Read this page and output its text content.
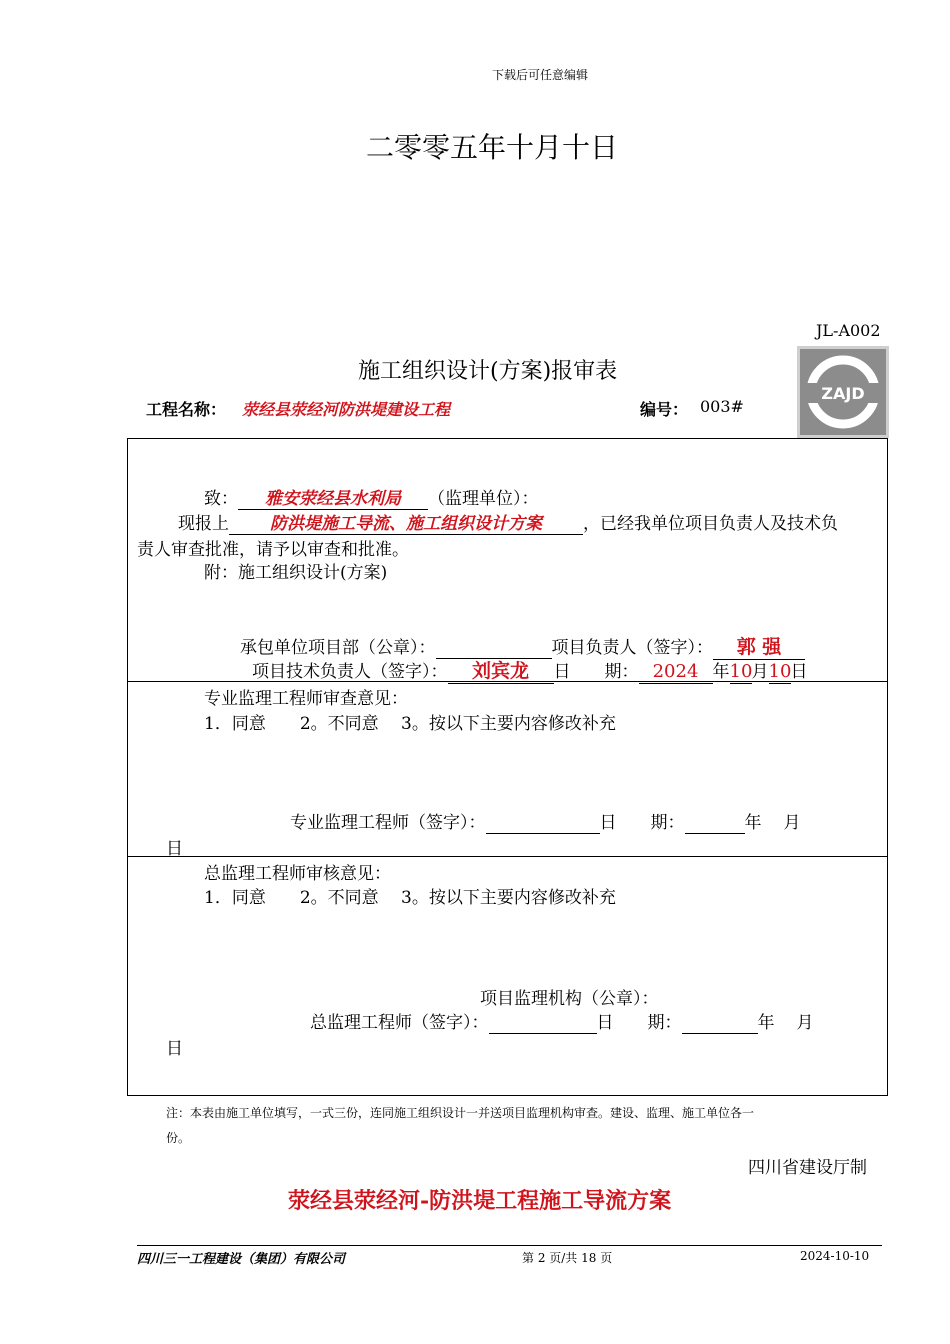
下载后可任意编辑
二零零五年十月十日
JL-A002
施工组织设计(方案)报审表
ZAJD
工程名称： 荥经县荥经河防洪堤建设工程	编号： 003#
致： 雅安荥经县水利局 （监理单位）：
现报上 防洪堤施工导流、施工组织设计方案 ，已经我单位项目负责人及技术负
责人审查批准，请予以审查和批准。
附：施工组织设计(方案)
承包单位项目部（公章）：	项目负责人（签字）： 郭 强
项目技术负责人（签字）： 刘宾龙 日　　期： 2024 年10月10日
专业监理工程师审查意见：
1．同意　　2。不同意　 3。按以下主要内容修改补充
专业监理工程师（签字）：	日　　期：	年 月
日
总监理工程师审核意见：
1．同意　　2。不同意　 3。按以下主要内容修改补充
项目监理机构（公章）：
总监理工程师（签字）：	日　　期：	年 月
日
注：本表由施工单位填写，一式三份，连同施工组织设计一并送项目监理机构审查。建设、监理、施工单位各一
份。
四川省建设厅制
荥经县荥经河-防洪堤工程施工导流方案
四川三一工程建设（集团）有限公司	第 2 页/共 18 页	2024-10-10
